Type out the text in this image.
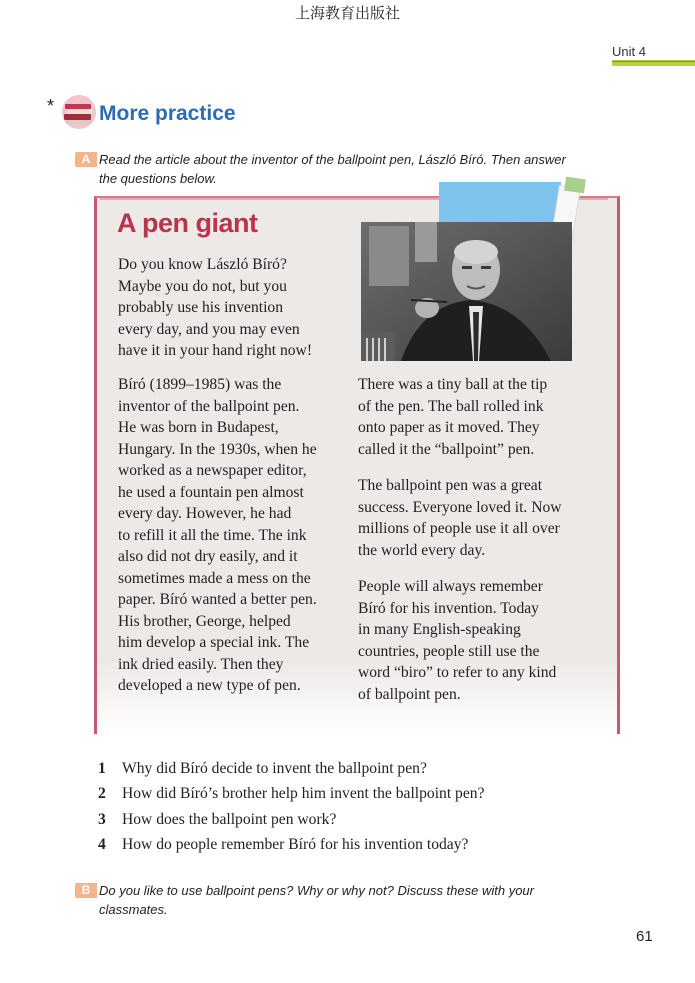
上海教育出版社
Unit 4
* More practice
A Read the article about the inventor of the ballpoint pen, László Bíró. Then answer
the questions below.
A pen giant
Do you know László Bíró?
Maybe you do not, but you
probably use his invention
every day, and you may even
have it in your hand right now!
Bíró (1899–1985) was the
inventor of the ballpoint pen.
He was born in Budapest,
Hungary. In the 1930s, when he
worked as a newspaper editor,
he used a fountain pen almost
every day. However, he had
to refill it all the time. The ink
also did not dry easily, and it
sometimes made a mess on the
paper. Bíró wanted a better pen.
His brother, George, helped
him develop a special ink. The
ink dried easily. Then they
developed a new type of pen.
There was a tiny ball at the tip
of the pen. The ball rolled ink
onto paper as it moved. They
called it the “ballpoint” pen.
The ballpoint pen was a great
success. Everyone loved it. Now
millions of people use it all over
the world every day.
People will always remember
Bíró for his invention. Today
in many English-speaking
countries, people still use the
word “biro” to refer to any kind
of ballpoint pen.
1	Why did Bíró decide to invent the ballpoint pen?
2	How did Bíró’s brother help him invent the ballpoint pen?
3	How does the ballpoint pen work?
4	How do people remember Bíró for his invention today?
B Do you like to use ballpoint pens? Why or why not? Discuss these with your
classmates.
61
